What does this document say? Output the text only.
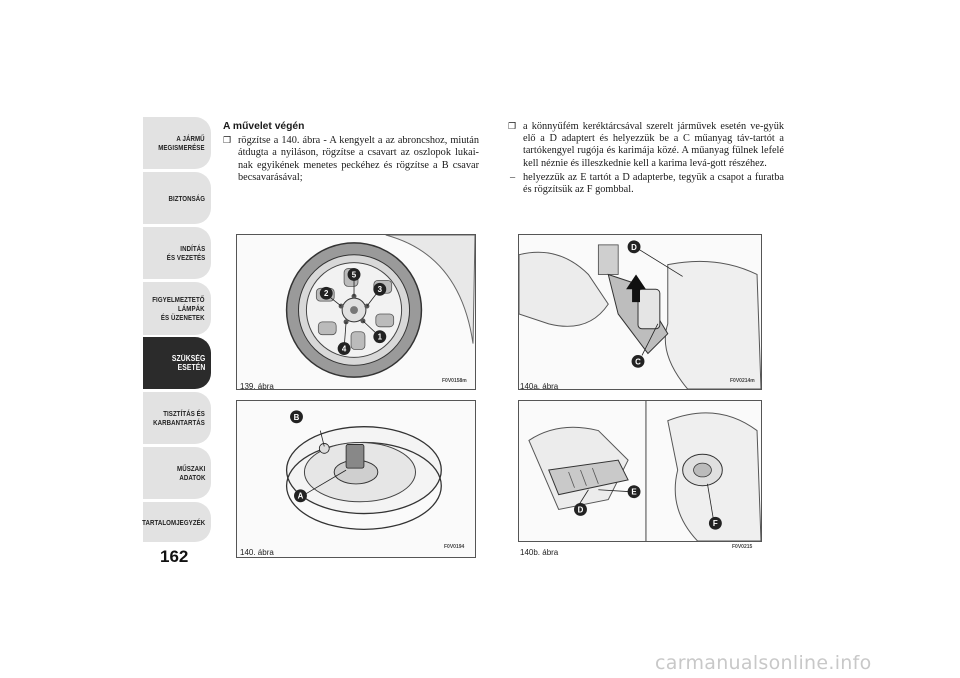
A JÁRMŰ
MEGISMERÉSE
BIZTONSÁG
INDÍTÁS
ÉS VEZETÉS
FIGYELMEZTETŐ
LÁMPÁK
ÉS ÜZENETEK
SZÜKSÉG
ESETÉN
TISZTÍTÁS ÉS
KARBANTARTÁS
MŰSZAKI
ADATOK
TARTALOMJEGYZÉK
162
A művelet végén
❒ rögzítse a 140. ábra - A kengyelt a az abroncshoz, miután átdugta a nyiláson, rögzítse a csavart az oszlopok lukai-nak egyikének menetes peckéhez és rögzítse a B csavar becsavarásával;
❒ a könnyűfém keréktárcsával szerelt járművek esetén ve-gyük elő a D adaptert és helyezzük be a C műanyag táv-tartót a tartókengyel rugója és karimája közé. A műanyag fülnek lefelé kell néznie és illeszkednie kell a karima levá-gott részéhez.
– helyezzük az E tartót a D adapterbe, tegyük a csapot a furatba és rögzítsük az F gombbal.
5
3
1
4
2
139. ábra
F0V0158m
B
A
140. ábra
F0V0194
D
C
140a. ábra
F0V0214m
E
D
F
140b. ábra
F0V0215
carmanualsonline.info
